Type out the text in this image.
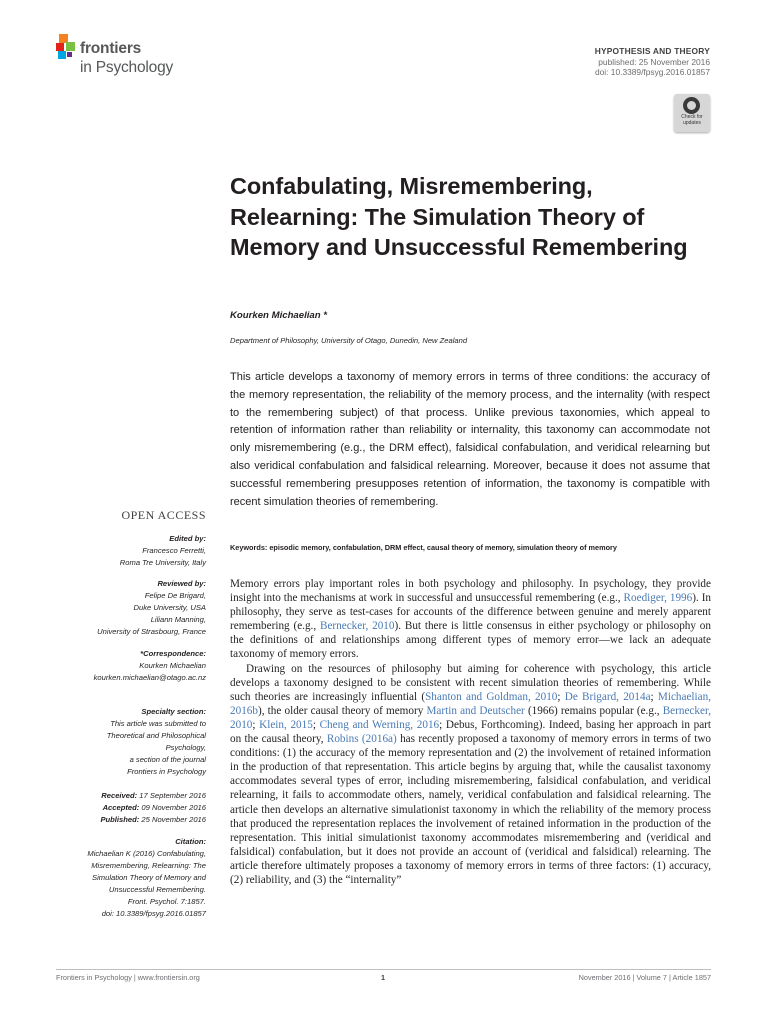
frontiers
in Psychology
HYPOTHESIS AND THEORY
published: 25 November 2016
doi: 10.3389/fpsyg.2016.01857
Check for
updates
Confabulating, Misremembering, Relearning: The Simulation Theory of Memory and Unsuccessful Remembering
Kourken Michaelian *
Department of Philosophy, University of Otago, Dunedin, New Zealand
This article develops a taxonomy of memory errors in terms of three conditions: the accuracy of the memory representation, the reliability of the memory process, and the internality (with respect to the remembering subject) of that process. Unlike previous taxonomies, which appeal to retention of information rather than reliability or internality, this taxonomy can accommodate not only misremembering (e.g., the DRM effect), falsidical confabulation, and veridical relearning but also veridical confabulation and falsidical relearning. Moreover, because it does not assume that successful remembering presupposes retention of information, the taxonomy is compatible with recent simulation theories of remembering.
Keywords: episodic memory, confabulation, DRM effect, causal theory of memory, simulation theory of memory
OPEN ACCESS
Edited by:
Francesco Ferretti,
Roma Tre University, Italy
Reviewed by:
Felipe De Brigard,
Duke University, USA
Liliann Manning,
University of Strasbourg, France
*Correspondence:
Kourken Michaelian
kourken.michaelian@otago.ac.nz
Specialty section:
This article was submitted to
Theoretical and Philosophical
Psychology,
a section of the journal
Frontiers in Psychology
Received: 17 September 2016
Accepted: 09 November 2016
Published: 25 November 2016
Citation:
Michaelian K (2016) Confabulating,
Misremembering, Relearning: The
Simulation Theory of Memory and
Unsuccessful Remembering.
Front. Psychol. 7:1857.
doi: 10.3389/fpsyg.2016.01857

Memory errors play important roles in both psychology and philosophy. In psychology, they provide insight into the mechanisms at work in successful and unsuccessful remembering (e.g., Roediger, 1996). In philosophy, they serve as test-cases for accounts of the difference between genuine and merely apparent remembering (e.g., Bernecker, 2010). But there is little consensus in either psychology or philosophy on the definitions of and relationships among different types of memory error—we lack an adequate taxonomy of memory errors.

Drawing on the resources of philosophy but aiming for coherence with psychology, this article develops a taxonomy designed to be consistent with recent simulation theories of remembering. While such theories are increasingly influential (Shanton and Goldman, 2010; De Brigard, 2014a; Michaelian, 2016b), the older causal theory of memory Martin and Deutscher (1966) remains popular (e.g., Bernecker, 2010; Klein, 2015; Cheng and Werning, 2016; Debus, Forthcoming). Indeed, basing her approach in part on the causal theory, Robins (2016a) has recently proposed a taxonomy of memory errors in terms of two conditions: (1) the accuracy of the memory representation and (2) the involvement of retained information in the production of that representation. This article begins by arguing that, while the causalist taxonomy accommodates several types of error, including misremembering, falsidical confabulation, and veridical relearning, it fails to accommodate others, namely, veridical confabulation and falsidical relearning. The article then develops an alternative simulationist taxonomy in which the reliability of the memory process that produced the representation replaces the involvement of retained information in the production of the representation. This initial simulationist taxonomy accommodates misremembering and (veridical and falsidical) confabulation, but it does not provide an account of (veridical and falsidical) relearning. The article therefore ultimately proposes a taxonomy of memory errors in terms of three factors: (1) accuracy, (2) reliability, and (3) the “internality”

Frontiers in Psychology | www.frontiersin.org	1	November 2016 | Volume 7 | Article 1857
